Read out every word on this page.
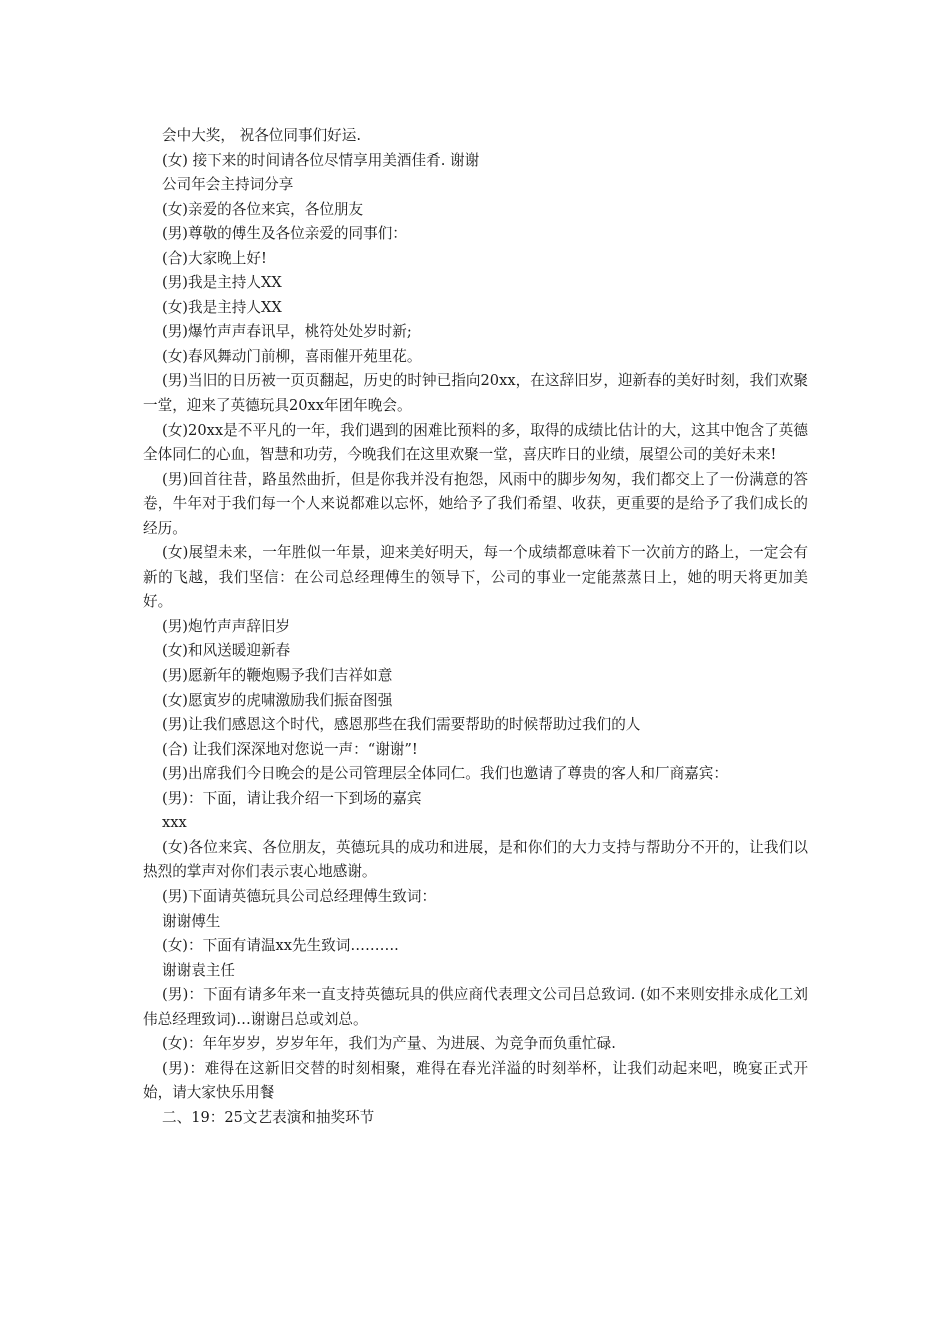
会中大奖， 祝各位同事们好运.

(女) 接下来的时间请各位尽情享用美酒佳肴. 谢谢

公司年会主持词分享

(女)亲爱的各位来宾，各位朋友

(男)尊敬的傅生及各位亲爱的同事们：

(合)大家晚上好!

(男)我是主持人XX

(女)我是主持人XX

(男)爆竹声声春讯早，桃符处处岁时新;

(女)春风舞动门前柳，喜雨催开苑里花。

(男)当旧的日历被一页页翻起，历史的时钟已指向20xx，在这辞旧岁，迎新春的美好时刻，我们欢聚一堂，迎来了英德玩具20xx年团年晚会。

(女)20xx是不平凡的一年，我们遇到的困难比预料的多，取得的成绩比估计的大，这其中饱含了英德全体同仁的心血，智慧和功劳，今晚我们在这里欢聚一堂，喜庆昨日的业绩，展望公司的美好未来!

(男)回首往昔，路虽然曲折，但是你我并没有抱怨，风雨中的脚步匆匆，我们都交上了一份满意的答卷，牛年对于我们每一个人来说都难以忘怀，她给予了我们希望、收获，更重要的是给予了我们成长的经历。

(女)展望未来，一年胜似一年景，迎来美好明天，每一个成绩都意味着下一次前方的路上，一定会有新的飞越，我们坚信：在公司总经理傅生的领导下，公司的事业一定能蒸蒸日上，她的明天将更加美好。

(男)炮竹声声辞旧岁

(女)和风送暖迎新春

(男)愿新年的鞭炮赐予我们吉祥如意

(女)愿寅岁的虎啸激励我们振奋图强

(男)让我们感恩这个时代，感恩那些在我们需要帮助的时候帮助过我们的人

(合) 让我们深深地对您说一声：“谢谢”!

(男)出席我们今日晚会的是公司管理层全体同仁。我们也邀请了尊贵的客人和厂商嘉宾：

(男)：下面，请让我介绍一下到场的嘉宾

xxx

(女)各位来宾、各位朋友，英德玩具的成功和进展，是和你们的大力支持与帮助分不开的，让我们以热烈的掌声对你们表示衷心地感谢。

(男)下面请英德玩具公司总经理傅生致词：

谢谢傅生

(女)：下面有请温xx先生致词……….

谢谢袁主任

(男)：下面有请多年来一直支持英德玩具的供应商代表理文公司吕总致词. (如不来则安排永成化工刘伟总经理致词)…谢谢吕总或刘总。

(女)：年年岁岁，岁岁年年，我们为产量、为进展、为竞争而负重忙碌.

(男)：难得在这新旧交替的时刻相聚，难得在春光洋溢的时刻举杯，让我们动起来吧，晚宴正式开始，请大家快乐用餐

二、19：25文艺表演和抽奖环节
